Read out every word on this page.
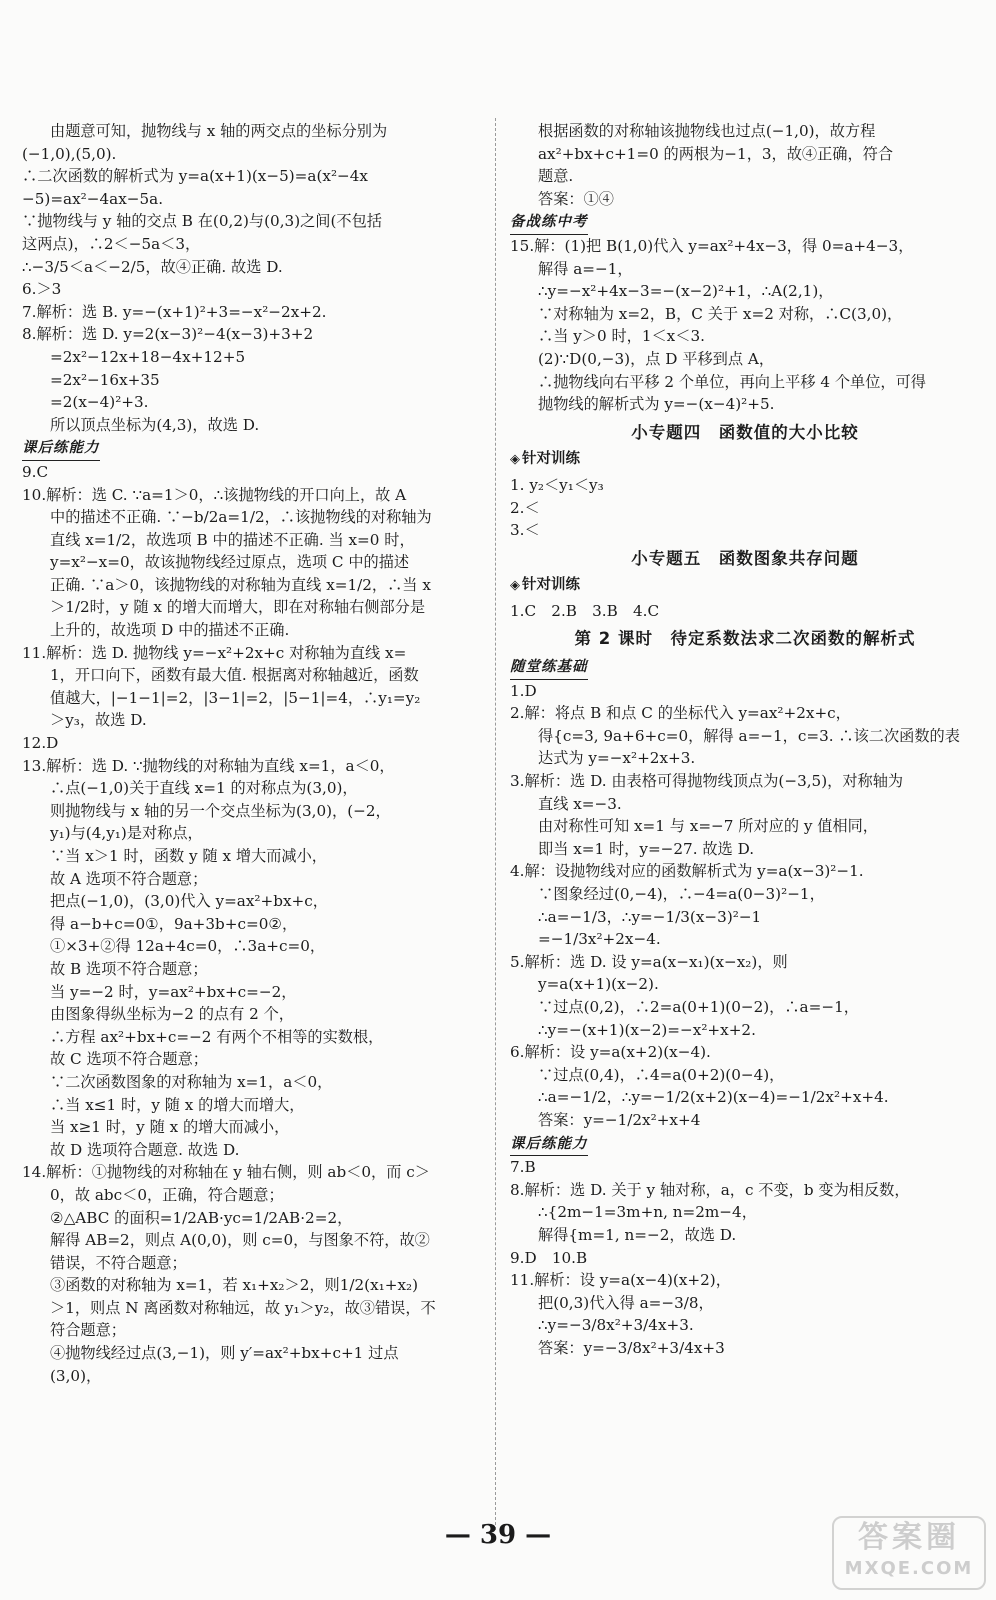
由题意可知，抛物线与 x 轴的两交点的坐标分别为
(−1,0),(5,0).
∴二次函数的解析式为 y=a(x+1)(x−5)=a(x²−4x
−5)=ax²−4ax−5a.
∵抛物线与 y 轴的交点 B 在(0,2)与(0,3)之间(不包括
这两点)，∴2＜−5a＜3，
∴−3/5＜a＜−2/5，故④正确. 故选 D.
6.＞3
7.解析：选 B. y=−(x+1)²+3=−x²−2x+2.
8.解析：选 D. y=2(x−3)²−4(x−3)+3+2
=2x²−12x+18−4x+12+5
=2x²−16x+35
=2(x−4)²+3.
所以顶点坐标为(4,3)，故选 D.
课后练能力
9.C
10.解析：选 C. ∵a=1＞0，∴该抛物线的开口向上，故 A
中的描述不正确. ∵−b/2a=1/2，∴该抛物线的对称轴为
直线 x=1/2，故选项 B 中的描述不正确. 当 x=0 时，
y=x²−x=0，故该抛物线经过原点，选项 C 中的描述
正确. ∵a＞0，该抛物线的对称轴为直线 x=1/2，∴当 x
＞1/2时，y 随 x 的增大而增大，即在对称轴右侧部分是
上升的，故选项 D 中的描述不正确.
11.解析：选 D. 抛物线 y=−x²+2x+c 对称轴为直线 x=
1，开口向下，函数有最大值. 根据离对称轴越近，函数
值越大，|−1−1|=2，|3−1|=2，|5−1|=4，∴y₁=y₂
＞y₃，故选 D.
12.D
13.解析：选 D. ∵抛物线的对称轴为直线 x=1，a＜0，
∴点(−1,0)关于直线 x=1 的对称点为(3,0)，
则抛物线与 x 轴的另一个交点坐标为(3,0)，(−2，
y₁)与(4,y₁)是对称点，
∵当 x＞1 时，函数 y 随 x 增大而减小，
故 A 选项不符合题意；
把点(−1,0)，(3,0)代入 y=ax²+bx+c，
得 a−b+c=0①，9a+3b+c=0②，
①×3+②得 12a+4c=0，∴3a+c=0，
故 B 选项不符合题意；
当 y=−2 时，y=ax²+bx+c=−2，
由图象得纵坐标为−2 的点有 2 个，
∴方程 ax²+bx+c=−2 有两个不相等的实数根，
故 C 选项不符合题意；
∵二次函数图象的对称轴为 x=1，a＜0，
∴当 x≤1 时，y 随 x 的增大而增大，
当 x≥1 时，y 随 x 的增大而减小，
故 D 选项符合题意. 故选 D.
14.解析：①抛物线的对称轴在 y 轴右侧，则 ab＜0，而 c＞
0，故 abc＜0，正确，符合题意；
②△ABC 的面积=1/2AB·yc=1/2AB·2=2，
解得 AB=2，则点 A(0,0)，则 c=0，与图象不符，故②
错误，不符合题意；
③函数的对称轴为 x=1，若 x₁+x₂＞2，则1/2(x₁+x₂)
＞1，则点 N 离函数对称轴远，故 y₁＞y₂，故③错误，不
符合题意；
④抛物线经过点(3,−1)，则 y′=ax²+bx+c+1 过点
(3,0)，
根据函数的对称轴该抛物线也过点(−1,0)，故方程
ax²+bx+c+1=0 的两根为−1，3，故④正确，符合
题意.
答案：①④
备战练中考
15.解：(1)把 B(1,0)代入 y=ax²+4x−3，得 0=a+4−3，
解得 a=−1，
∴y=−x²+4x−3=−(x−2)²+1，∴A(2,1)，
∵对称轴为 x=2，B，C 关于 x=2 对称，∴C(3,0)，
∴当 y＞0 时，1＜x＜3.
(2)∵D(0,−3)，点 D 平移到点 A，
∴抛物线向右平移 2 个单位，再向上平移 4 个单位，可得
抛物线的解析式为 y=−(x−4)²+5.
小专题四　函数值的大小比较
◈ 针对训练
1. y₂＜y₁＜y₃
2.＜
3.＜
小专题五　函数图象共存问题
◈ 针对训练
1.C　2.B　3.B　4.C
第 2 课时　待定系数法求二次函数的解析式
随堂练基础
1.D
2.解：将点 B 和点 C 的坐标代入 y=ax²+2x+c，
得{c=3, 9a+6+c=0，解得 a=−1，c=3. ∴该二次函数的表
达式为 y=−x²+2x+3.
3.解析：选 D. 由表格可得抛物线顶点为(−3,5)，对称轴为
直线 x=−3.
由对称性可知 x=1 与 x=−7 所对应的 y 值相同，
即当 x=1 时，y=−27. 故选 D.
4.解：设抛物线对应的函数解析式为 y=a(x−3)²−1.
∵图象经过(0,−4)，∴−4=a(0−3)²−1，
∴a=−1/3，∴y=−1/3(x−3)²−1
=−1/3x²+2x−4.
5.解析：选 D. 设 y=a(x−x₁)(x−x₂)，则
y=a(x+1)(x−2).
∵过点(0,2)，∴2=a(0+1)(0−2)，∴a=−1，
∴y=−(x+1)(x−2)=−x²+x+2.
6.解析：设 y=a(x+2)(x−4).
∵过点(0,4)，∴4=a(0+2)(0−4)，
∴a=−1/2，∴y=−1/2(x+2)(x−4)=−1/2x²+x+4.
答案：y=−1/2x²+x+4
课后练能力
7.B
8.解析：选 D. 关于 y 轴对称，a，c 不变，b 变为相反数，
∴{2m−1=3m+n, n=2m−4，
解得{m=1, n=−2，故选 D.
9.D　10.B
11.解析：设 y=a(x−4)(x+2)，
把(0,3)代入得 a=−3/8，
∴y=−3/8x²+3/4x+3.
答案：y=−3/8x²+3/4x+3
— 39 —	答案圈
MXQE.COM
